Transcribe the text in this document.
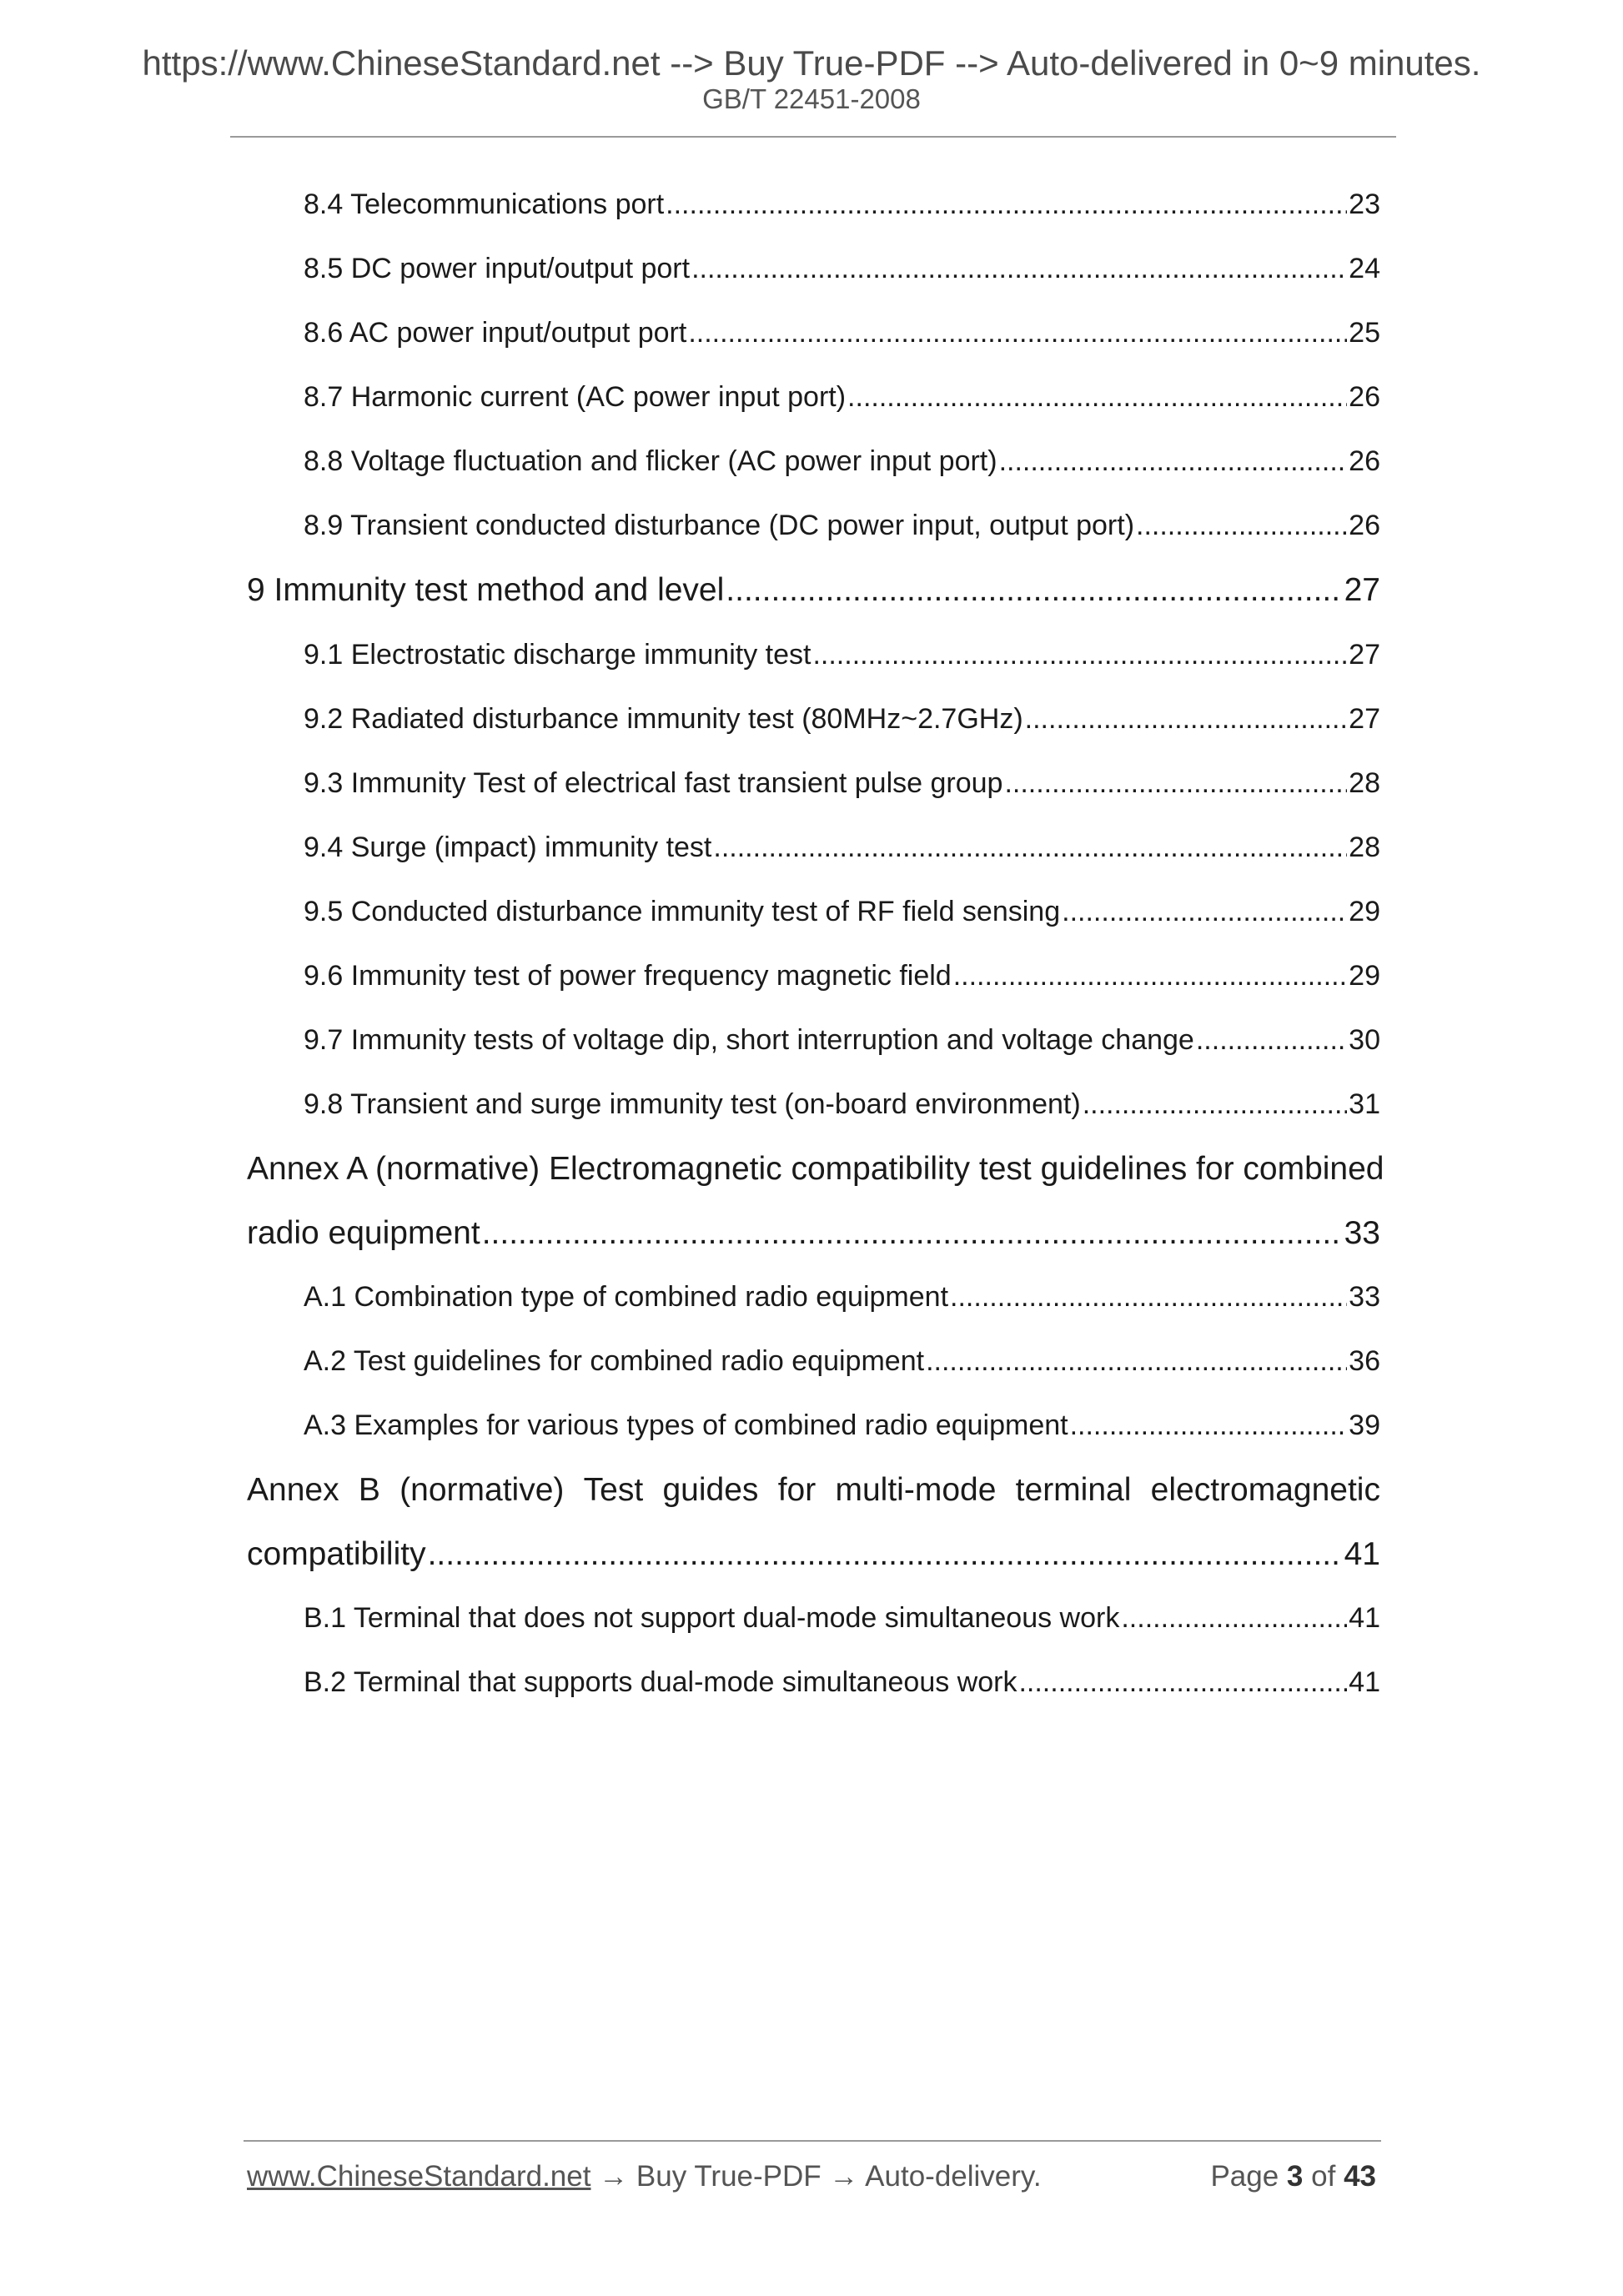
https://www.ChineseStandard.net --> Buy True-PDF --> Auto-delivered in 0~9 minutes.
GB/T 22451-2008
8.4 Telecommunications port .....	23
8.5 DC power input/output port .....	24
8.6 AC power input/output port .....	25
8.7 Harmonic current (AC power input port) .....	26
8.8 Voltage fluctuation and flicker (AC power input port) .....	26
8.9 Transient conducted disturbance (DC power input, output port) .....	26
9 Immunity test method and level .....	27
9.1 Electrostatic discharge immunity test .....	27
9.2 Radiated disturbance immunity test (80MHz~2.7GHz) .....	27
9.3 Immunity Test of electrical fast transient pulse group .....	28
9.4 Surge (impact) immunity test .....	28
9.5 Conducted disturbance immunity test of RF field sensing .....	29
9.6 Immunity test of power frequency magnetic field .....	29
9.7 Immunity tests of voltage dip, short interruption and voltage change .....	30
9.8 Transient and surge immunity test (on-board environment) .....	31
Annex A (normative) Electromagnetic compatibility test guidelines for combined
radio equipment .....	33
A.1 Combination type of combined radio equipment .....	33
A.2 Test guidelines for combined radio equipment .....	36
A.3 Examples for various types of combined radio equipment .....	39
Annex B (normative) Test guides for multi-mode terminal electromagnetic
compatibility .....	41
B.1 Terminal that does not support dual-mode simultaneous work .....	41
B.2 Terminal that supports dual-mode simultaneous work .....	41
www.ChineseStandard.net → Buy True-PDF → Auto-delivery.	Page 3 of 43
